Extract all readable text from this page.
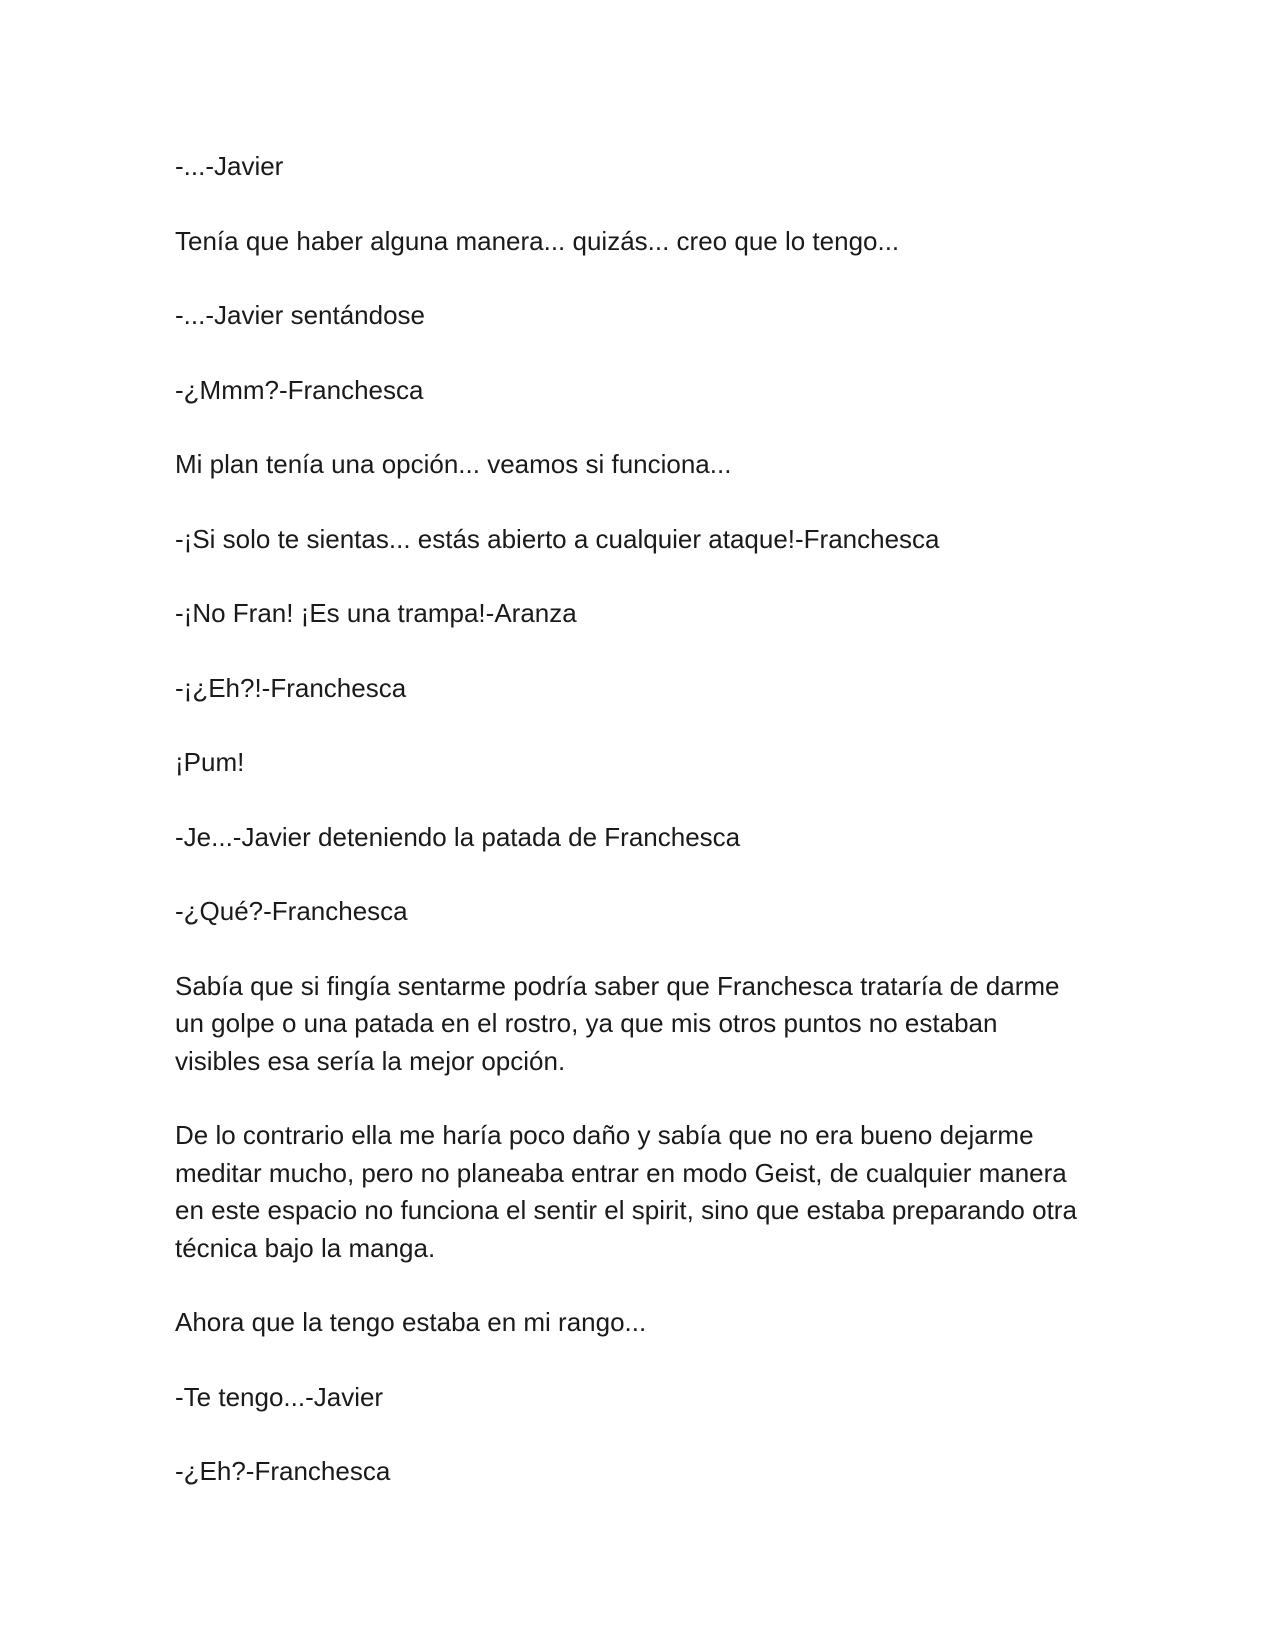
-...-Javier

Tenía que haber alguna manera... quizás... creo que lo tengo...

-...-Javier sentándose

-¿Mmm?-Franchesca

Mi plan tenía una opción... veamos si funciona...

-¡Si solo te sientas... estás abierto a cualquier ataque!-Franchesca

-¡No Fran! ¡Es una trampa!-Aranza

-¡¿Eh?!-Franchesca

¡Pum!

-Je...-Javier deteniendo la patada de Franchesca

-¿Qué?-Franchesca

Sabía que si fingía sentarme podría saber que Franchesca trataría de darme un golpe o una patada en el rostro, ya que mis otros puntos no estaban visibles esa sería la mejor opción.

De lo contrario ella me haría poco daño y sabía que no era bueno dejarme meditar mucho, pero no planeaba entrar en modo Geist, de cualquier manera en este espacio no funciona el sentir el spirit, sino que estaba preparando otra técnica bajo la manga.

Ahora que la tengo estaba en mi rango...

-Te tengo...-Javier

-¿Eh?-Franchesca
